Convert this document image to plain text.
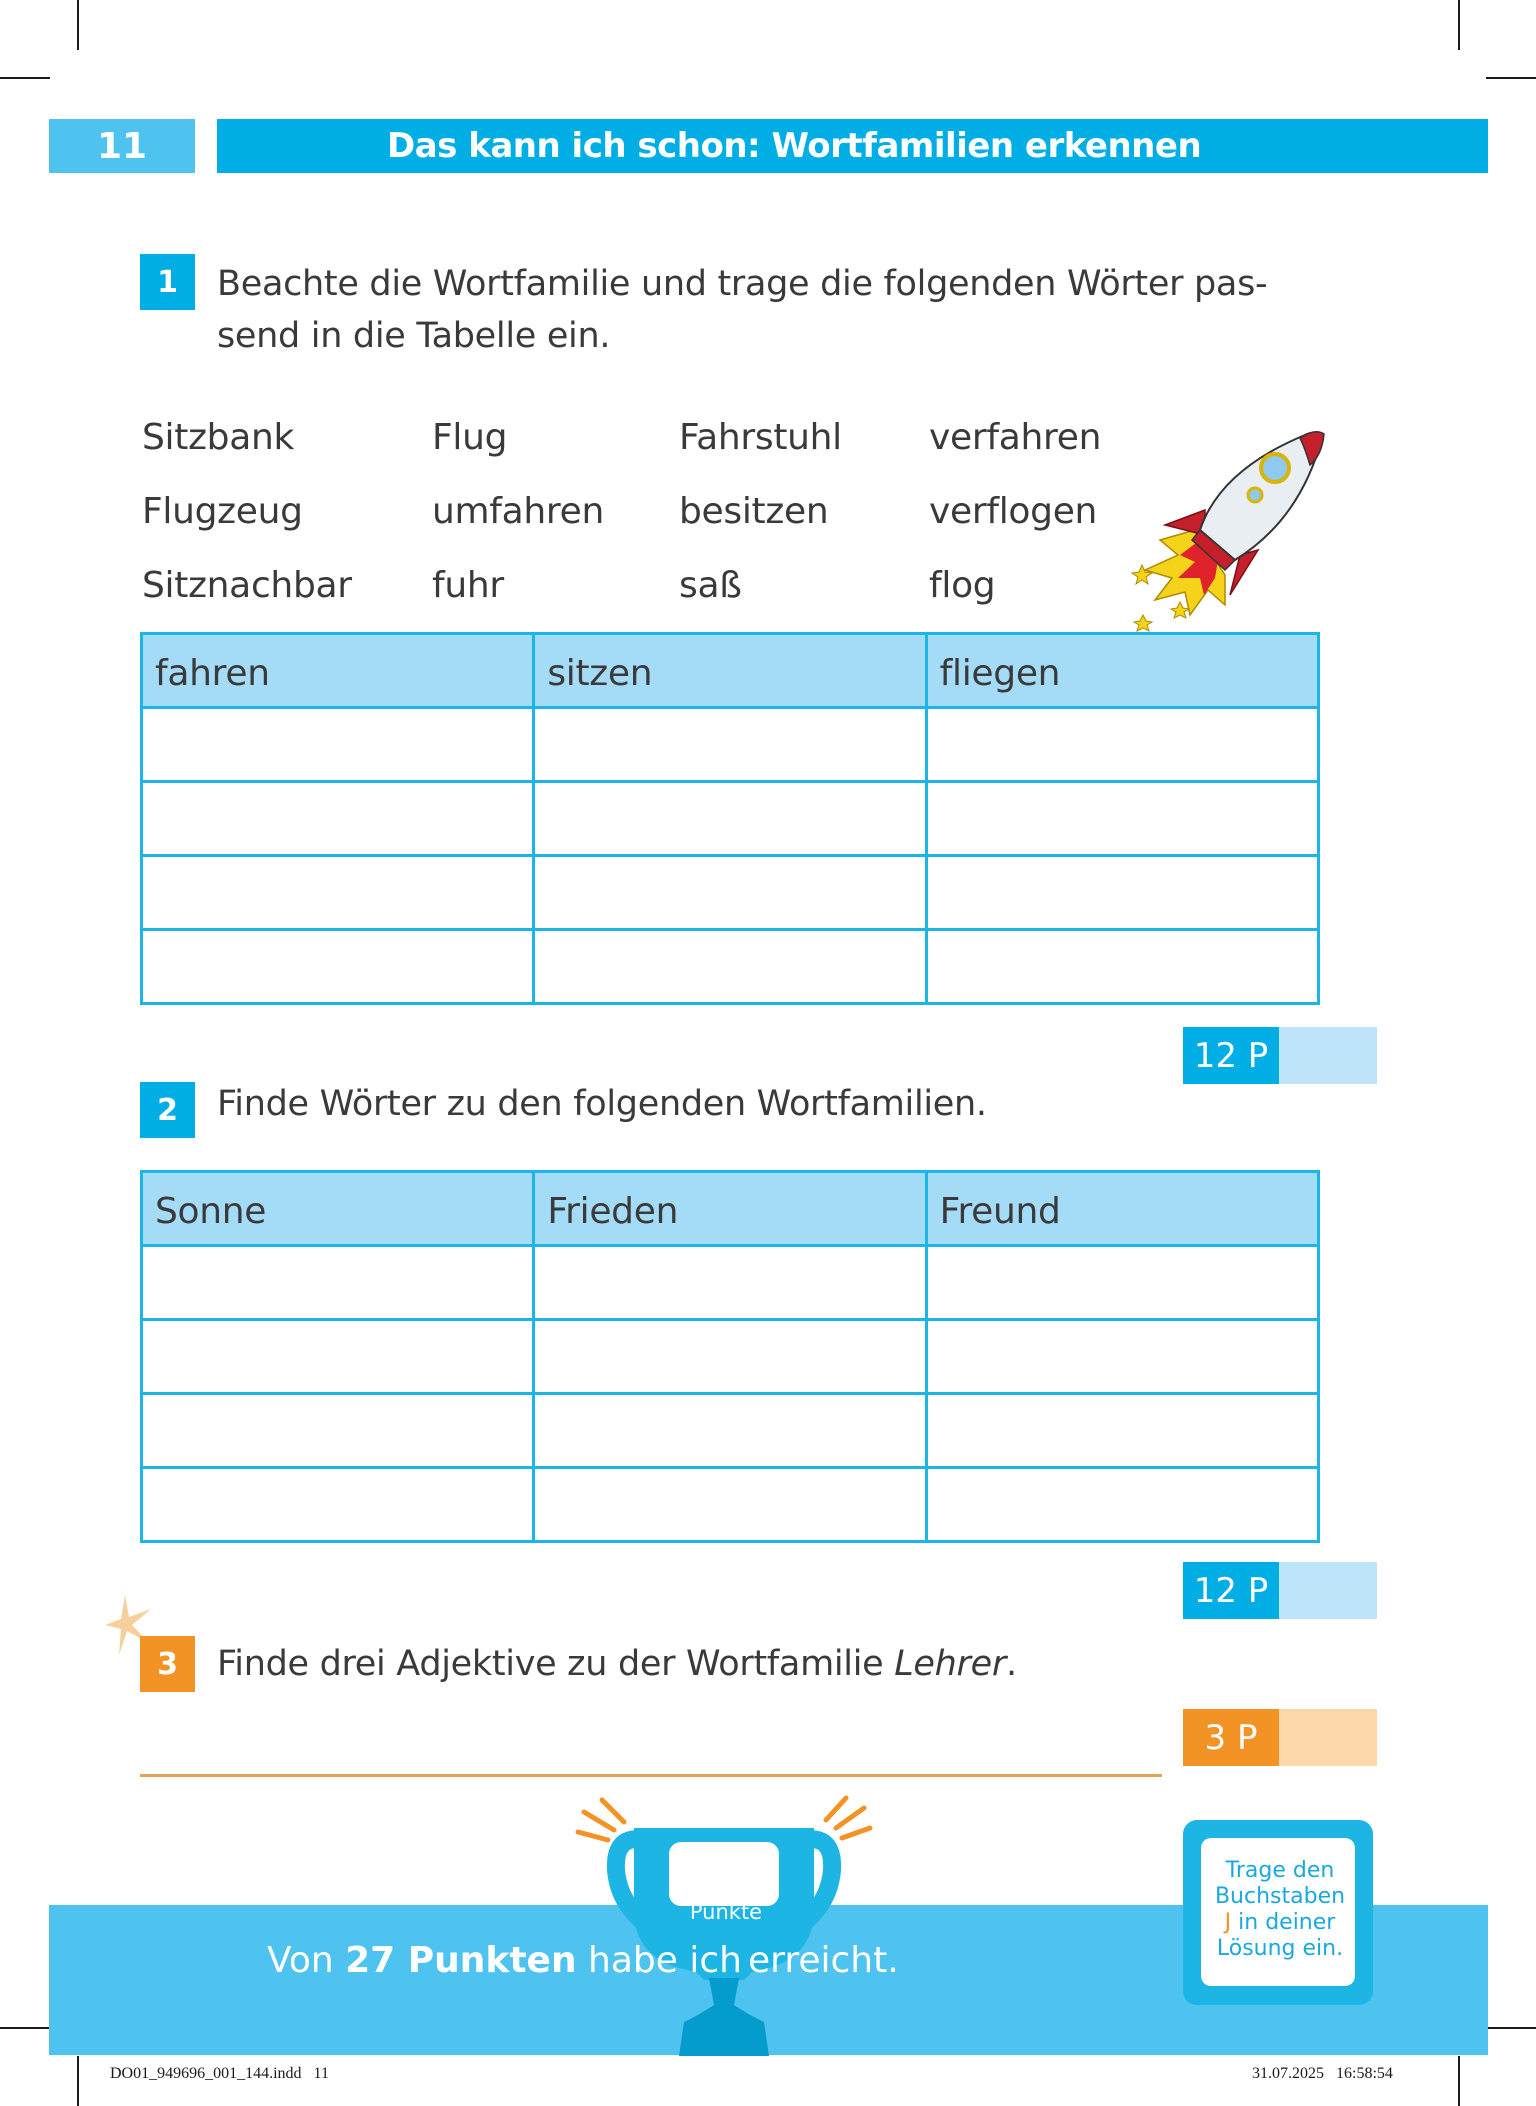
11	Das kann ich schon: Wortfamilien erkennen
1	Beachte die Wortfamilie und trage die folgenden Wörter pas-
send in die Tabelle ein.
Sitzbank	Flug	Fahrstuhl	verfahren
Flugzeug	umfahren	besitzen	verflogen
Sitznachbar	fuhr	saß	flog
fahren	sitzen	fliegen

12 P
2	Finde Wörter zu den folgenden Wortfamilien.
Sonne	Frieden	Freund

12 P
3	Finde drei Adjektive zu der Wortfamilie Lehrer.
3 P
Punkte
Von 27 Punkten habe ich erreicht.
Trage den
Buchstaben
J in deiner
Lösung ein.
DO01_949696_001_144.indd   11	31.07.2025   16:58:54
